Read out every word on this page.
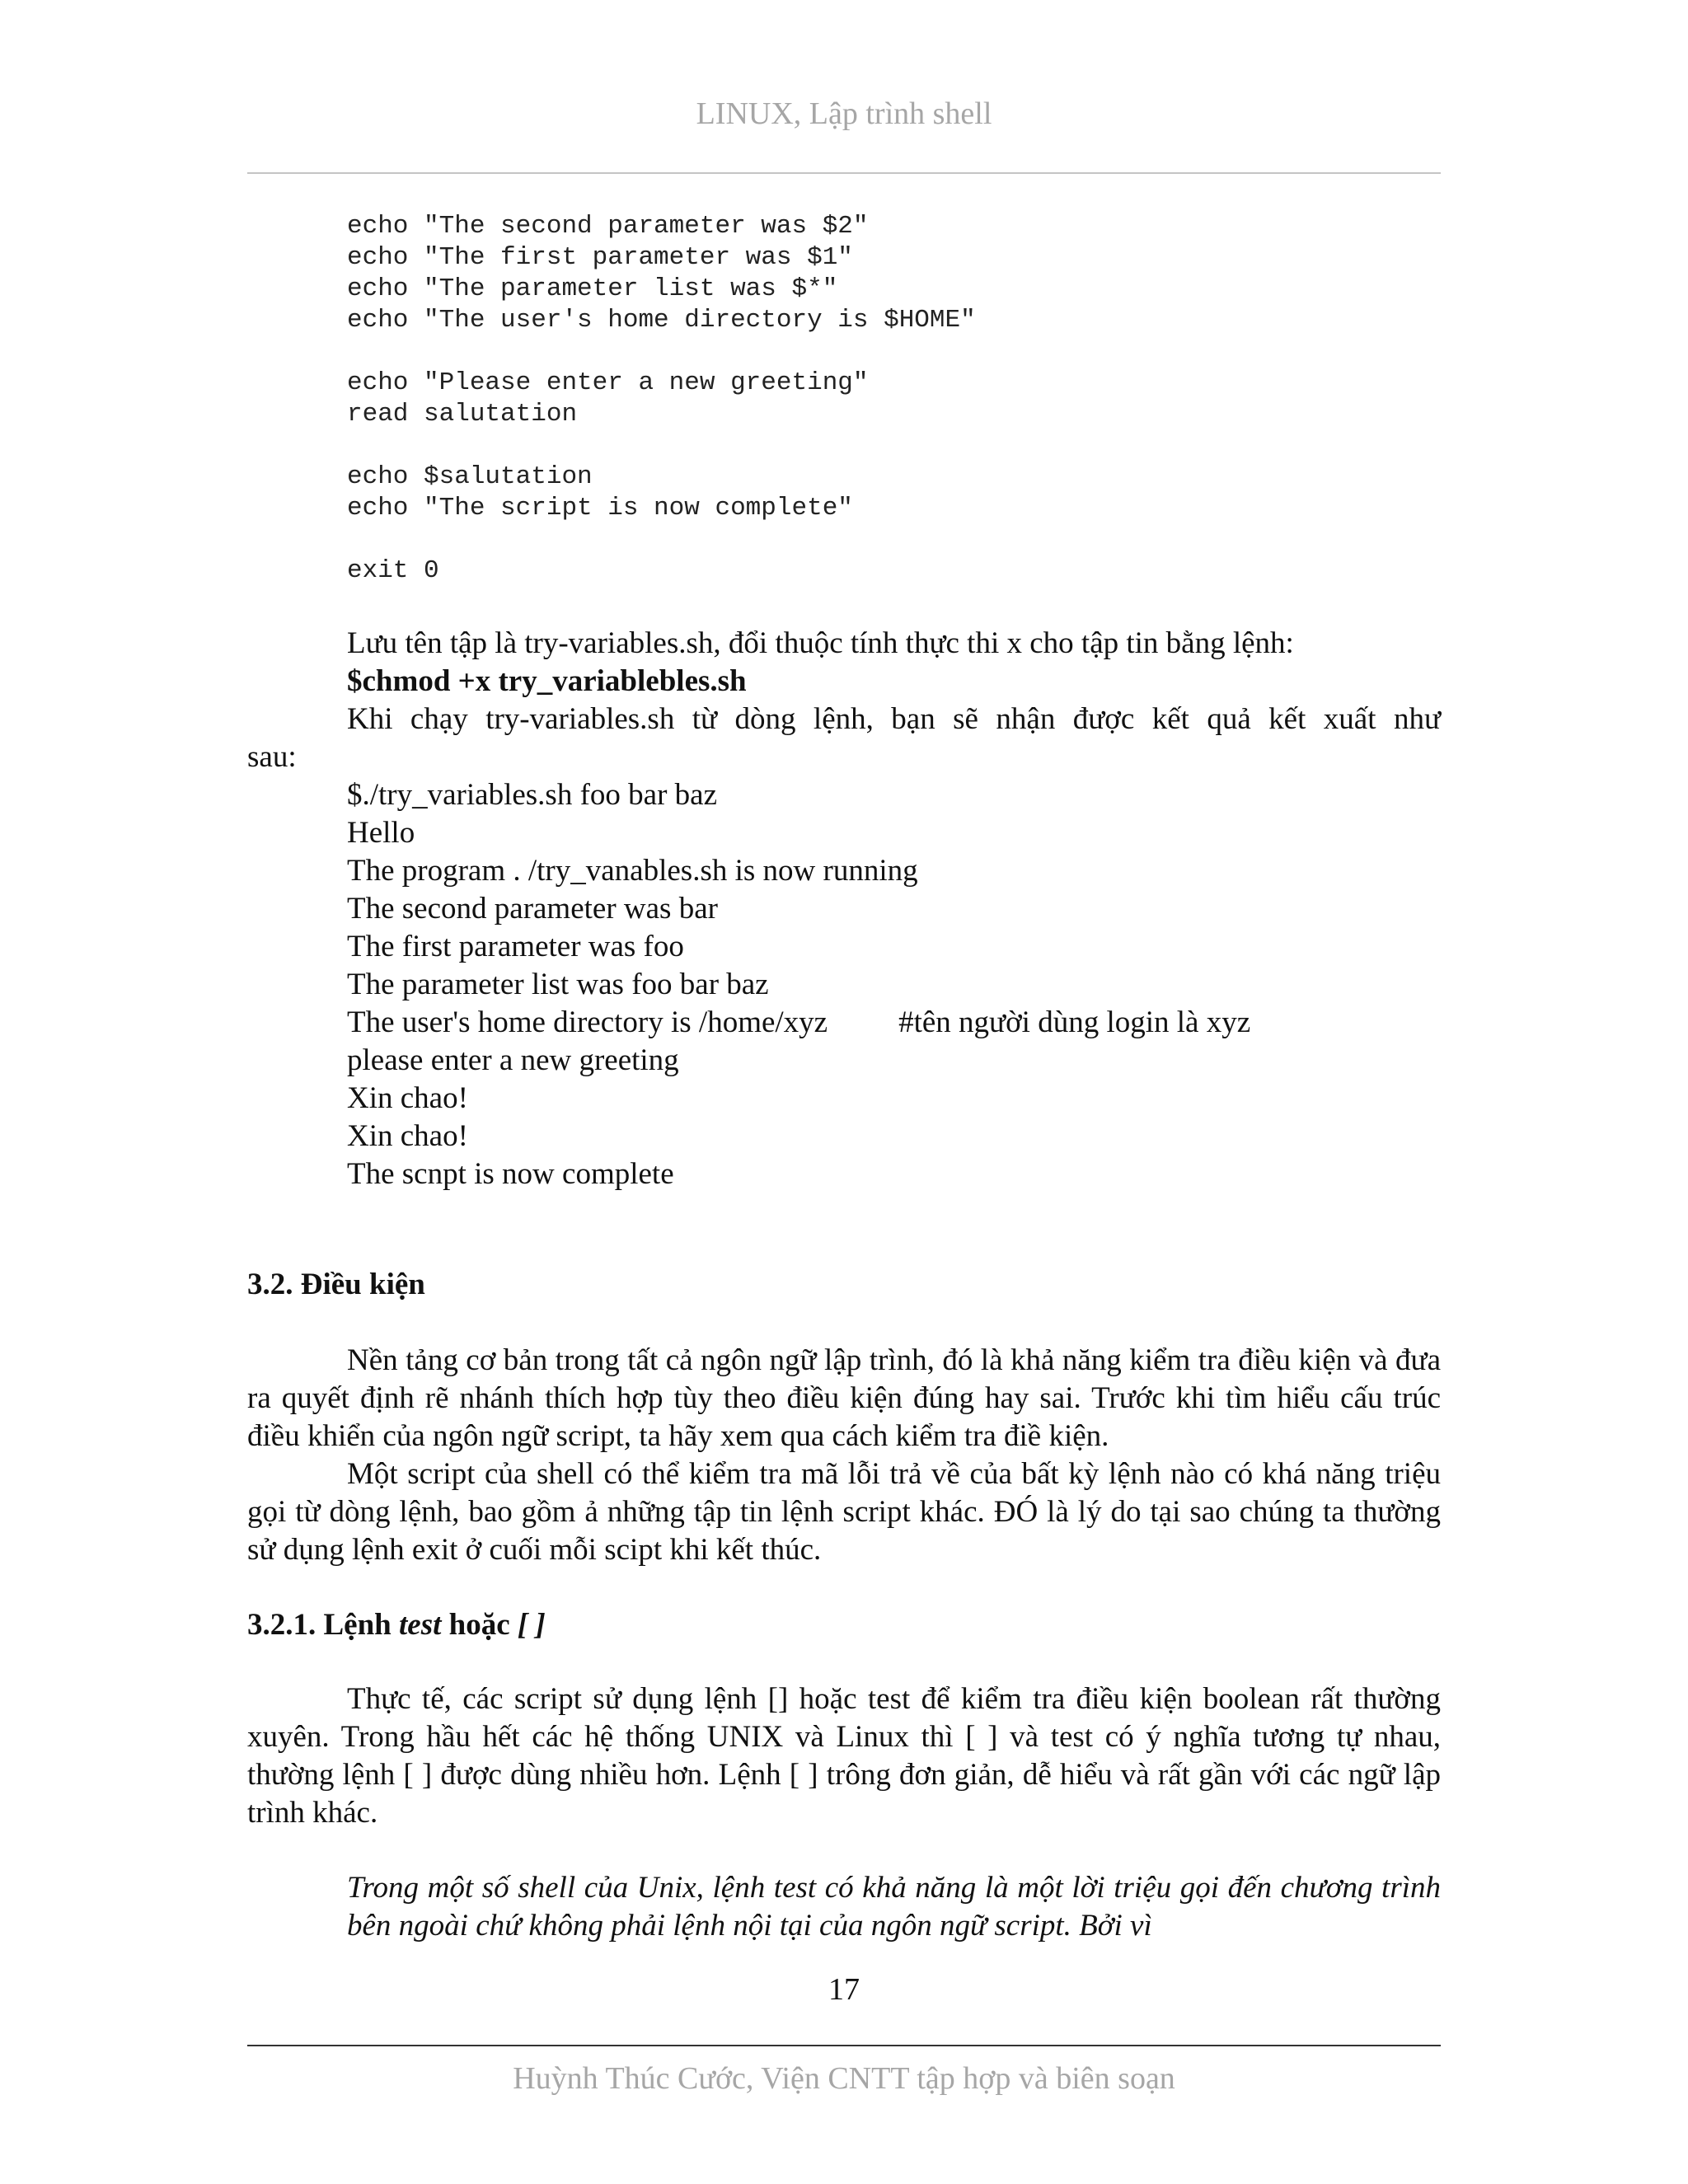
LINUX, Lập trình shell
echo "The second parameter was $2"
echo "The first parameter was $1"
echo "The parameter list was $*"
echo "The user's home directory is $HOME"
echo "Please enter a new greeting"
read salutation
echo $salutation
echo "The script is now complete"
exit 0
Lưu tên tập là try-variables.sh, đổi thuộc tính thực thi x cho tập tin bằng lệnh:
$chmod +x try_variablebles.sh
Khi chạy try-variables.sh từ dòng lệnh, bạn sẽ nhận được kết quả kết xuất như
sau:
$./try_variables.sh foo bar baz
Hello
The program . /try_vanables.sh is now running
The second parameter was bar
The first parameter was foo
The parameter list was foo bar baz
The user's home directory is /home/xyz #tên người dùng login là xyz
please enter a new greeting
Xin chao!
Xin chao!
The scnpt is now complete
3.2. Điều kiện

Nền tảng cơ bản trong tất cả ngôn ngữ lập trình, đó là khả năng kiểm tra điều kiện và đưa ra quyết định rẽ nhánh thích hợp tùy theo điều kiện đúng hay sai. Trước khi tìm hiểu cấu trúc điều khiển của ngôn ngữ script, ta hãy xem qua cách kiểm tra điề kiện.

Một script của shell có thể kiểm tra mã lỗi trả về của bất kỳ lệnh nào có khá năng triệu gọi từ dòng lệnh, bao gồm ả những tập tin lệnh script khác. ĐÓ là lý do tại sao chúng ta thường sử dụng lệnh exit ở cuối mỗi scipt khi kết thúc.

3.2.1. Lệnh test hoặc [ ]

Thực tế, các script sử dụng lệnh [] hoặc test để kiểm tra điều kiện boolean rất thường xuyên. Trong hầu hết các hệ thống UNIX và Linux thì [ ] và test có ý nghĩa tương tự nhau, thường lệnh [ ] được dùng nhiều hơn. Lệnh [ ] trông đơn giản, dễ hiểu và rất gần với các ngữ lập trình khác.

Trong một số shell của Unix, lệnh test có khả năng là một lời triệu gọi đến chương trình bên ngoài chứ không phải lệnh nội tại của ngôn ngữ script. Bởi vì

17
Huỳnh Thúc Cước, Viện CNTT tập hợp và biên soạn
